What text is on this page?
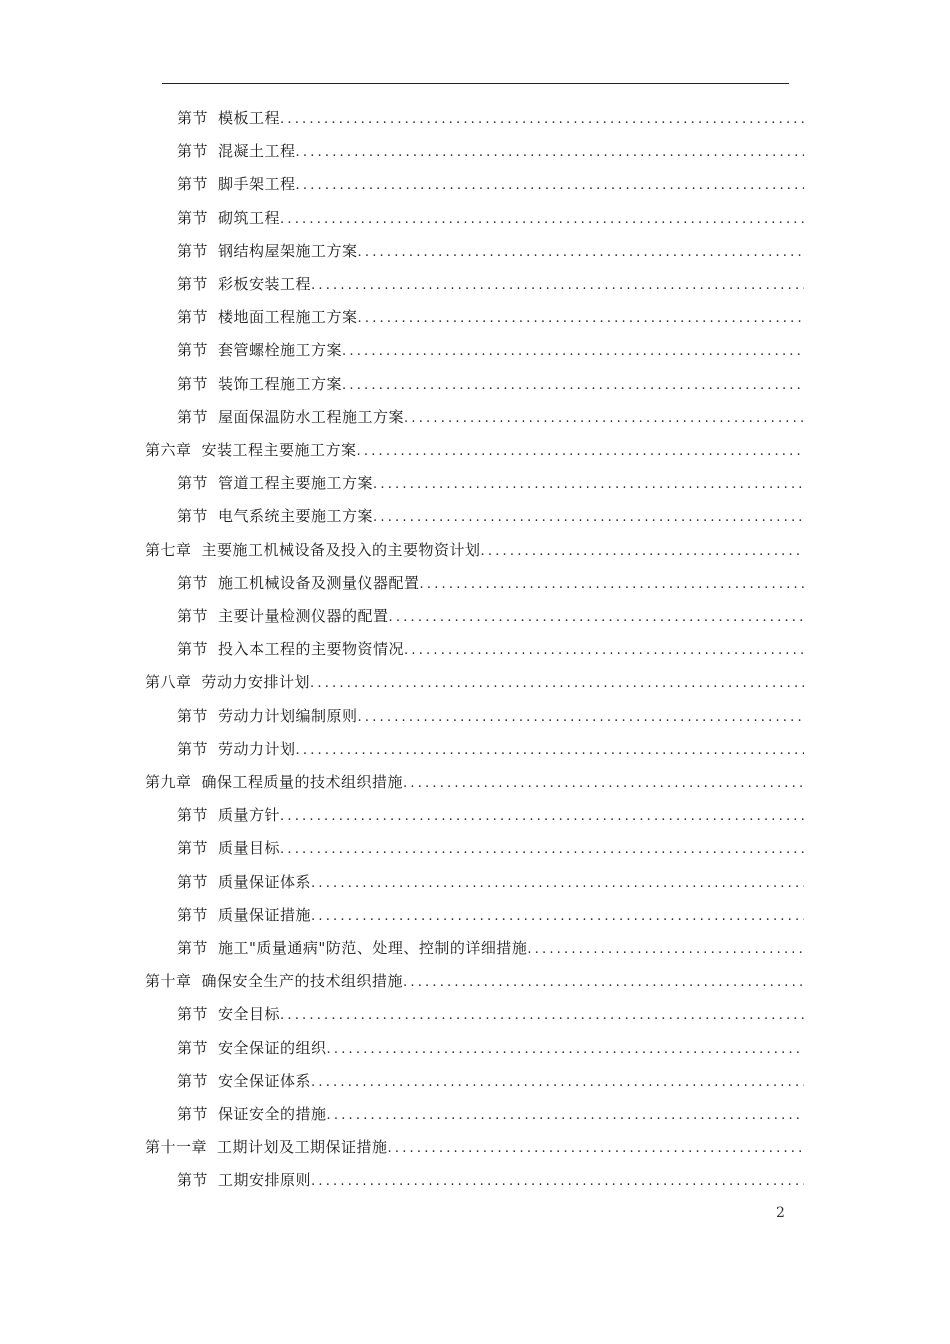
第节 模板工程
.....
第节 混凝土工程
.....
第节 脚手架工程
.....
第节 砌筑工程
.....
第节 钢结构屋架施工方案
.....
第节 彩板安装工程
.....
第节 楼地面工程施工方案
.....
第节 套管螺栓施工方案
.....
第节 装饰工程施工方案
.....
第节 屋面保温防水工程施工方案
.....
第六章 安装工程主要施工方案
.....
第节 管道工程主要施工方案
.....
第节 电气系统主要施工方案
.....
第七章 主要施工机械设备及投入的主要物资计划
.....
第节 施工机械设备及测量仪器配置
.....
第节 主要计量检测仪器的配置
.....
第节 投入本工程的主要物资情况
.....
第八章 劳动力安排计划
.....
第节 劳动力计划编制原则
.....
第节 劳动力计划
.....
第九章 确保工程质量的技术组织措施
.....
第节 质量方针
.....
第节 质量目标
.....
第节 质量保证体系
.....
第节 质量保证措施
.....
第节 施工"质量通病"防范、处理、控制的详细措施
.....
第十章 确保安全生产的技术组织措施
.....
第节 安全目标
.....
第节 安全保证的组织
.....
第节 安全保证体系
.....
第节 保证安全的措施
.....
第十一章 工期计划及工期保证措施
.....
第节 工期安排原则
.....
2
